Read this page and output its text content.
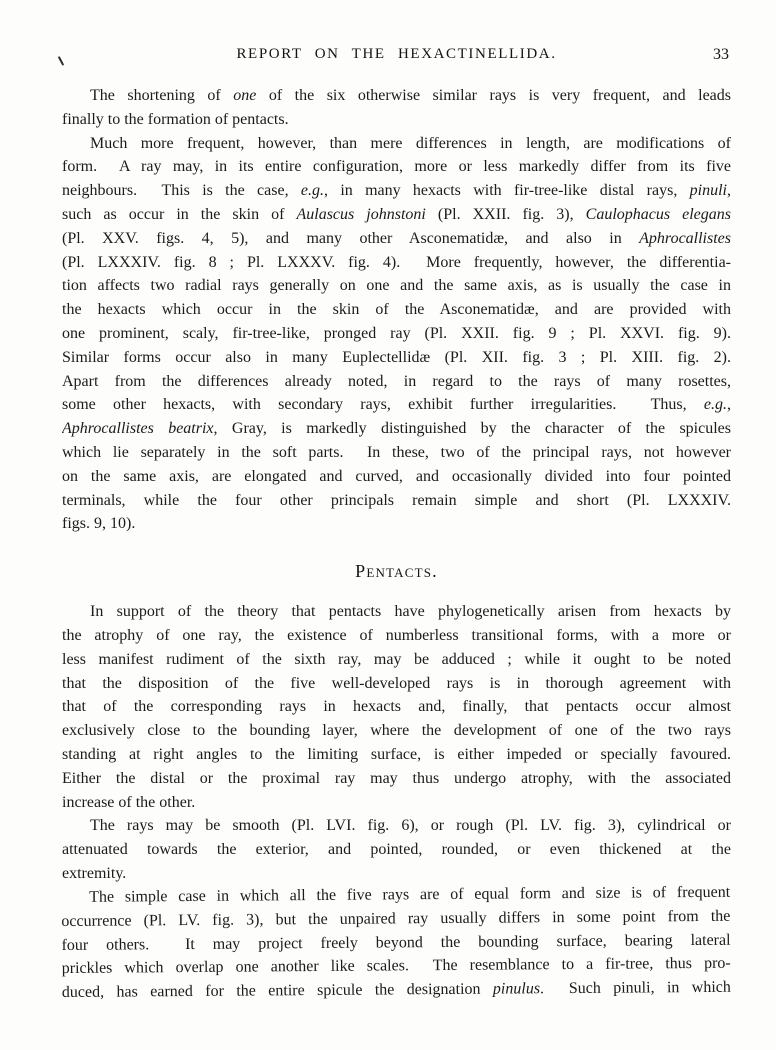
REPORT ON THE HEXACTINELLIDA.	33
The shortening of one of the six otherwise similar rays is very frequent, and leads
finally to the formation of pentacts.
Much more frequent, however, than mere differences in length, are modifications of
form.  A ray may, in its entire configuration, more or less markedly differ from its five
neighbours.  This is the case, e.g., in many hexacts with fir-tree-like distal rays, pinuli,
such as occur in the skin of Aulascus johnstoni (Pl. XXII. fig. 3), Caulophacus elegans
(Pl. XXV. figs. 4, 5), and many other Asconematidæ, and also in Aphrocallistes
(Pl. LXXXIV. fig. 8 ; Pl. LXXXV. fig. 4).  More frequently, however, the differentia-
tion affects two radial rays generally on one and the same axis, as is usually the case in
the hexacts which occur in the skin of the Asconematidæ, and are provided with
one prominent, scaly, fir-tree-like, pronged ray (Pl. XXII. fig. 9 ; Pl. XXVI. fig. 9).
Similar forms occur also in many Euplectellidæ (Pl. XII. fig. 3 ; Pl. XIII. fig. 2).
Apart from the differences already noted, in regard to the rays of many rosettes,
some other hexacts, with secondary rays, exhibit further irregularities.  Thus, e.g.,
Aphrocallistes beatrix, Gray, is markedly distinguished by the character of the spicules
which lie separately in the soft parts.  In these, two of the principal rays, not however
on the same axis, are elongated and curved, and occasionally divided into four pointed
terminals, while the four other principals remain simple and short (Pl. LXXXIV.
figs. 9, 10).
Pentacts.
In support of the theory that pentacts have phylogenetically arisen from hexacts by
the atrophy of one ray, the existence of numberless transitional forms, with a more or
less manifest rudiment of the sixth ray, may be adduced ; while it ought to be noted
that the disposition of the five well-developed rays is in thorough agreement with
that of the corresponding rays in hexacts and, finally, that pentacts occur almost
exclusively close to the bounding layer, where the development of one of the two rays
standing at right angles to the limiting surface, is either impeded or specially favoured.
Either the distal or the proximal ray may thus undergo atrophy, with the associated
increase of the other.
The rays may be smooth (Pl. LVI. fig. 6), or rough (Pl. LV. fig. 3), cylindrical or
attenuated towards the exterior, and pointed, rounded, or even thickened at the
extremity.
The simple case in which all the five rays are of equal form and size is of frequent
occurrence (Pl. LV. fig. 3), but the unpaired ray usually differs in some point from the
four others.  It may project freely beyond the bounding surface, bearing lateral
prickles which overlap one another like scales.  The resemblance to a fir-tree, thus pro-
duced, has earned for the entire spicule the designation pinulus.  Such pinuli, in which
